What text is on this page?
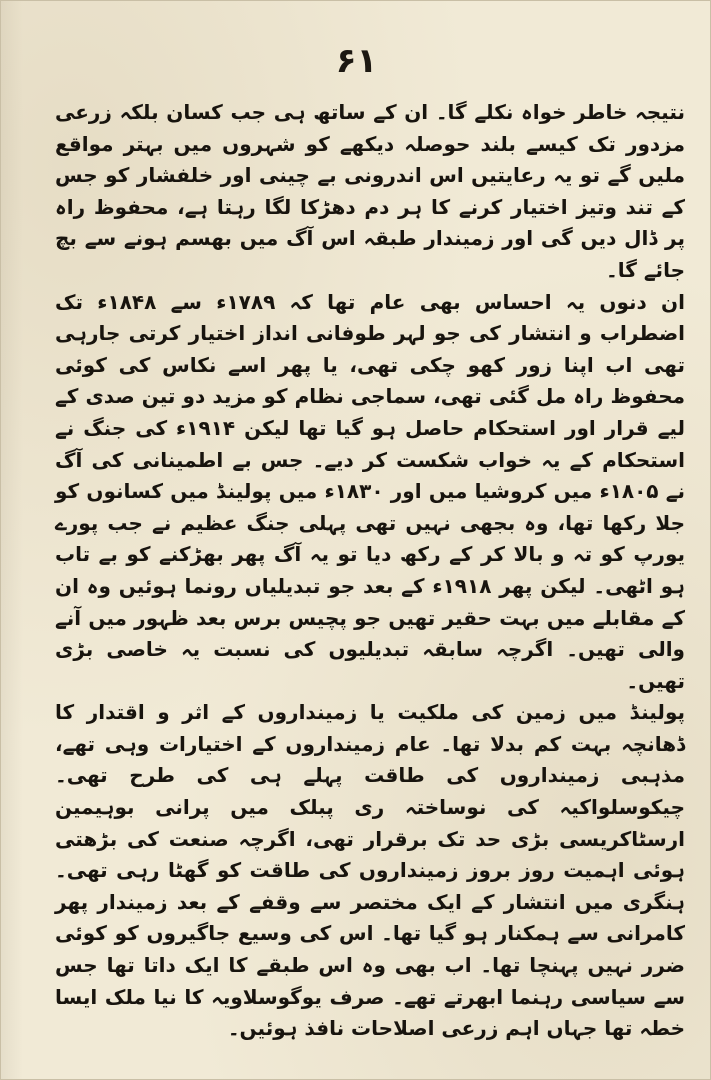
۶۱

نتیجہ خاطر خواہ نکلے گا۔ ان کے ساتھ ہی جب کسان بلکہ زرعی مزدور تک کیسے بلند حوصلہ دیکھے کو شہروں میں بہتر مواقع ملیں گے تو یہ رعایتیں اس اندرونی بے چینی اور خلفشار کو جس کے تند وتیز اختیار کرنے کا ہر دم دھڑکا لگا رہتا ہے، محفوظ راہ پر ڈال دیں گی اور زمیندار طبقہ اس آگ میں بھسم ہونے سے بچ جائے گا۔

ان دنوں یہ احساس بھی عام تھا کہ ۱۷۸۹ء سے ۱۸۴۸ء تک اضطراب و انتشار کی جو لہر طوفانی انداز اختیار کرتی جارہی تھی اب اپنا زور کھو چکی تھی، یا پھر اسے نکاس کی کوئی محفوظ راہ مل گئی تھی، سماجی نظام کو مزید دو تین صدی کے لیے قرار اور استحکام حاصل ہو گیا تھا لیکن ۱۹۱۴ء کی جنگ نے استحکام کے یہ خواب شکست کر دیے۔ جس بے اطمینانی کی آگ نے ۱۸۰۵ء میں کروشیا میں اور ۱۸۳۰ء میں پولینڈ میں کسانوں کو جلا رکھا تھا، وہ بجھی نہیں تھی پہلی جنگ عظیم نے جب پورے یورپ کو تہ و بالا کر کے رکھ دیا تو یہ آگ پھر بھڑکنے کو بے تاب ہو اٹھی۔ لیکن پھر ۱۹۱۸ء کے بعد جو تبدیلیاں رونما ہوئیں وہ ان کے مقابلے میں بہت حقیر تھیں جو پچیس برس بعد ظہور میں آنے والی تھیں۔ اگرچہ سابقہ تبدیلیوں کی نسبت یہ خاصی بڑی تھیں۔

پولینڈ میں زمین کی ملکیت یا زمینداروں کے اثر و اقتدار کا ڈھانچہ بہت کم بدلا تھا۔ عام زمینداروں کے اختیارات وہی تھے، مذہبی زمینداروں کی طاقت پہلے ہی کی طرح تھی۔ چیکوسلواکیہ کی نوساختہ ری پبلک میں پرانی بوہیمین ارسٹاکریسی بڑی حد تک برقرار تھی، اگرچہ صنعت کی بڑھتی ہوئی اہمیت روز بروز زمینداروں کی طاقت کو گھٹا رہی تھی۔ ہنگری میں انتشار کے ایک مختصر سے وقفے کے بعد زمیندار پھر کامرانی سے ہمکنار ہو گیا تھا۔ اس کی وسیع جاگیروں کو کوئی ضرر نہیں پہنچا تھا۔ اب بھی وہ اس طبقے کا ایک داتا تھا جس سے سیاسی رہنما ابھرتے تھے۔ صرف یوگوسلاویہ کا نیا ملک ایسا خطہ تھا جہاں اہم زرعی اصلاحات نافذ ہوئیں۔
